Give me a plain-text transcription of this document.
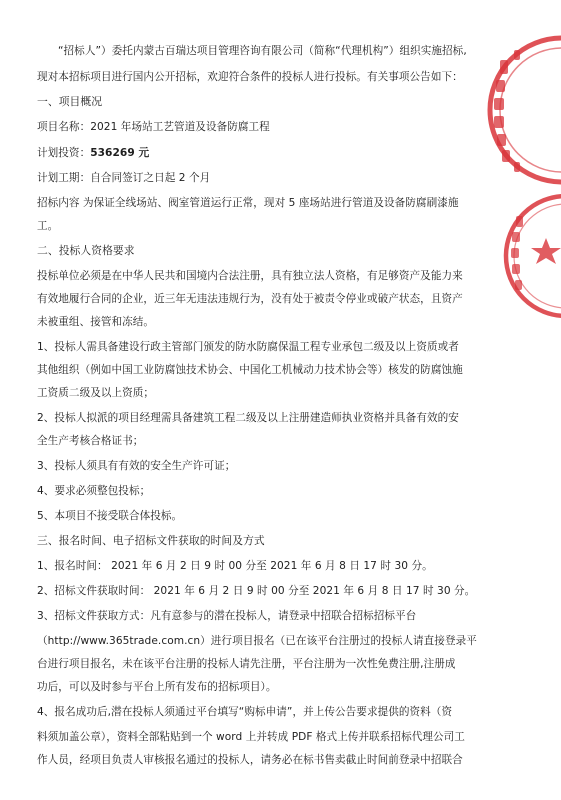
“招标人”）委托内蒙古百瑞达项目管理咨询有限公司（简称“代理机构”）组织实施招标,
现对本招标项目进行国内公开招标，欢迎符合条件的投标人进行投标。有关事项公告如下：
一、项目概况
项目名称：2021 年场站工艺管道及设备防腐工程
计划投资：536269 元
计划工期：自合同签订之日起 2 个月
招标内容 为保证全线场站、阀室管道运行正常，现对 5 座场站进行管道及设备防腐刷漆施
工。
二、投标人资格要求
投标单位必须是在中华人民共和国境内合法注册，具有独立法人资格，有足够资产及能力来
有效地履行合同的企业，近三年无违法违规行为，没有处于被责令停业或破产状态，且资产
未被重组、接管和冻结。
1、投标人需具备建设行政主管部门颁发的防水防腐保温工程专业承包二级及以上资质或者
其他组织（例如中国工业防腐蚀技术协会、中国化工机械动力技术协会等）核发的防腐蚀施
工资质二级及以上资质；
2、投标人拟派的项目经理需具备建筑工程二级及以上注册建造师执业资格并具备有效的安
全生产考核合格证书；
3、投标人须具有有效的安全生产许可证；
4、要求必须整包投标；
5、本项目不接受联合体投标。
三、报名时间、电子招标文件获取的时间及方式
1、报名时间： 2021 年 6 月 2 日 9 时 00 分至 2021 年 6 月 8 日 17 时 30 分。
2、招标文件获取时间： 2021 年 6 月 2 日 9 时 00 分至 2021 年 6 月 8 日 17 时 30 分。
3、招标文件获取方式：凡有意参与的潜在投标人，请登录中招联合招标招标平台
（http://www.365trade.com.cn）进行项目报名（已在该平台注册过的投标人请直接登录平
台进行项目报名，未在该平台注册的投标人请先注册，平台注册为一次性免费注册,注册成
功后，可以及时参与平台上所有发布的招标项目）。
4、报名成功后,潜在投标人须通过平台填写“购标申请”，并上传公告要求提供的资料（资
料须加盖公章），资料全部粘贴到一个 word 上并转成 PDF 格式上传并联系招标代理公司工
作人员，经项目负责人审核报名通过的投标人，请务必在标书售卖截止时间前登录中招联合
